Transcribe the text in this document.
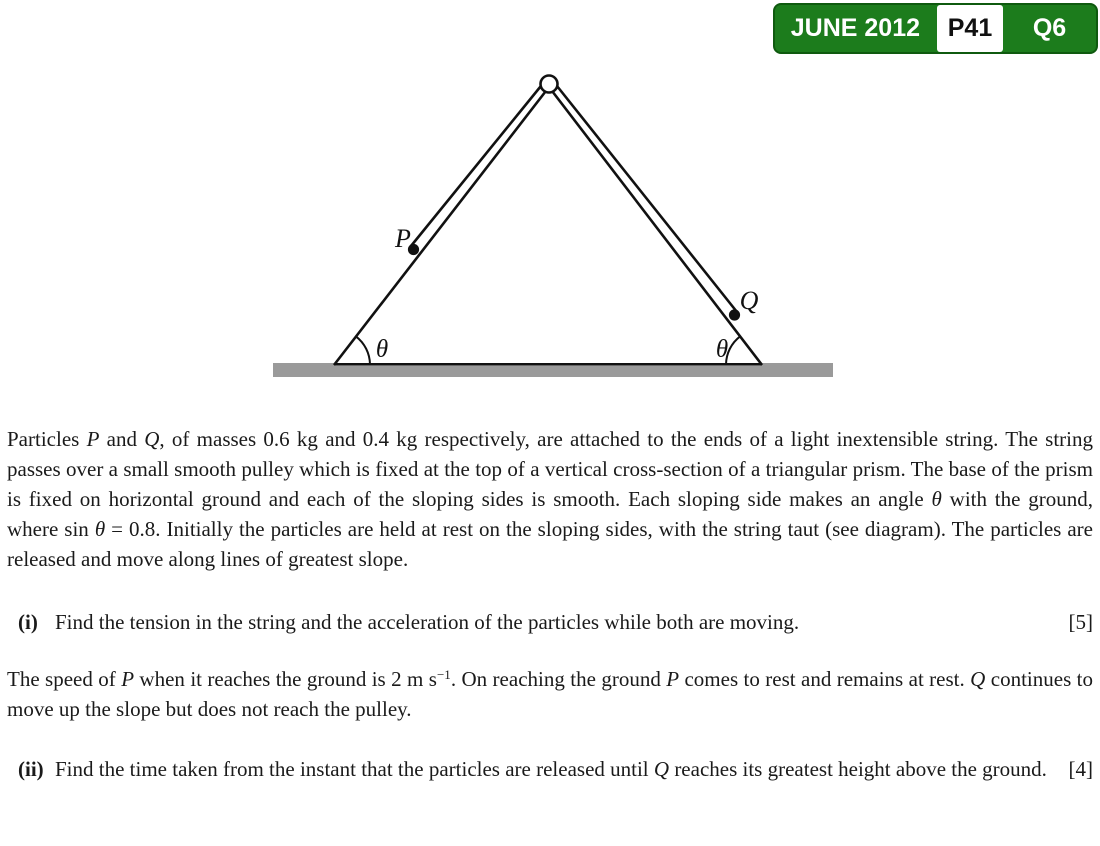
P
Q
θ	θ
JUNE 2012	P41	Q6
Particles P and Q, of masses 0.6 kg and 0.4 kg respectively, are attached to the ends of a light inextensible string. The string passes over a small smooth pulley which is fixed at the top of a vertical cross-section of a triangular prism. The base of the prism is fixed on horizontal ground and each of the sloping sides is smooth. Each sloping side makes an angle θ with the ground, where sin θ = 0.8. Initially the particles are held at rest on the sloping sides, with the string taut (see diagram). The particles are released and move along lines of greatest slope.
(i) Find the tension in the string and the acceleration of the particles while both are moving.	[5]
The speed of P when it reaches the ground is 2 m $s^{-1}$. On reaching the ground P comes to rest and remains at rest. Q continues to move up the slope but does not reach the pulley.
(ii) Find the time taken from the instant that the particles are released until Q reaches its greatest height above the ground. [4]
